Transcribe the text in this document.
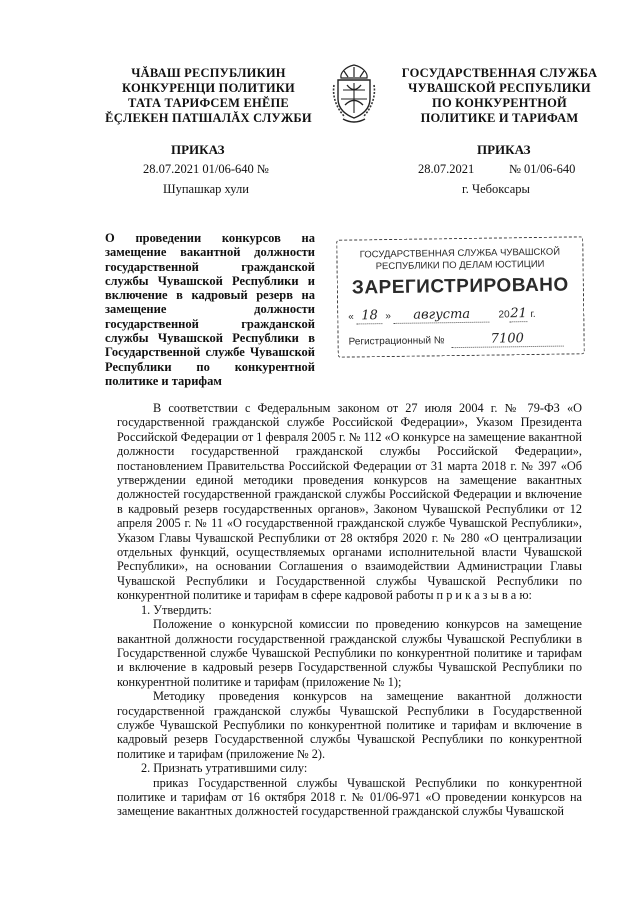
ЧĂВАШ РЕСПУБЛИКИН
КОНКУРЕНЦИ ПОЛИТИКИ
ТАТА ТАРИФСЕМ ЕНĔПЕ
ĔÇЛЕКЕН ПАТШАЛĂХ СЛУЖБИ
ГОСУДАРСТВЕННАЯ СЛУЖБА
ЧУВАШСКОЙ РЕСПУБЛИКИ
ПО КОНКУРЕНТНОЙ
ПОЛИТИКЕ И ТАРИФАМ
ПРИКАЗ	ПРИКАЗ
28.07.2021 01/06-640 №	28.07.2021	№ 01/06-640
Шупашкар хули	г. Чебоксары
О проведении конкурсов на
замещение вакантной должности
государственной гражданской
службы Чувашской Республики и
включение в кадровый резерв на
замещение должности
государственной гражданской
службы Чувашской Республики в
Государственной службе Чувашской
Республики по конкурентной
политике и тарифам
ГОСУДАРСТВЕННАЯ СЛУЖБА ЧУВАШСКОЙ
РЕСПУБЛИКИ ПО ДЕЛАМ ЮСТИЦИИ
ЗАРЕГИСТРИРОВАНО
« 18 » августа	2021 г.
Регистрационный №	7100

В соответствии с Федеральным законом от 27 июля 2004 г. № 79-ФЗ «О государственной гражданской службе Российской Федерации», Указом Президента Российской Федерации от 1 февраля 2005 г. № 112 «О конкурсе на замещение вакантной должности государственной гражданской службы Российской Федерации», постановлением Правительства Российской Федерации от 31 марта 2018 г. № 397 «Об утверждении единой методики проведения конкурсов на замещение вакантных должностей государственной гражданской службы Российской Федерации и включение в кадровый резерв государственных органов», Законом Чувашской Республики от 12 апреля 2005 г. № 11 «О государственной гражданской службе Чувашской Республики», Указом Главы Чувашской Республики от 28 октября 2020 г. № 280 «О централизации отдельных функций, осуществляемых органами исполнительной власти Чувашской Республики», на основании Соглашения о взаимодействии Администрации Главы Чувашской Республики и Государственной службы Чувашской Республики по конкурентной политике и тарифам в сфере кадровой работы п р и к а з ы в а ю:

1. Утвердить:

Положение о конкурсной комиссии по проведению конкурсов на замещение вакантной должности государственной гражданской службы Чувашской Республики в Государственной службе Чувашской Республики по конкурентной политике и тарифам и включение в кадровый резерв Государственной службы Чувашской Республики по конкурентной политике и тарифам (приложение № 1);

Методику проведения конкурсов на замещение вакантной должности государственной гражданской службы Чувашской Республики в Государственной службе Чувашской Республики по конкурентной политике и тарифам и включение в кадровый резерв Государственной службы Чувашской Республики по конкурентной политике и тарифам (приложение № 2).

2. Признать утратившими силу:

приказ Государственной службы Чувашской Республики по конкурентной политике и тарифам от 16 октября 2018 г. № 01/06-971 «О проведении конкурсов на замещение вакантных должностей государственной гражданской службы Чувашской
